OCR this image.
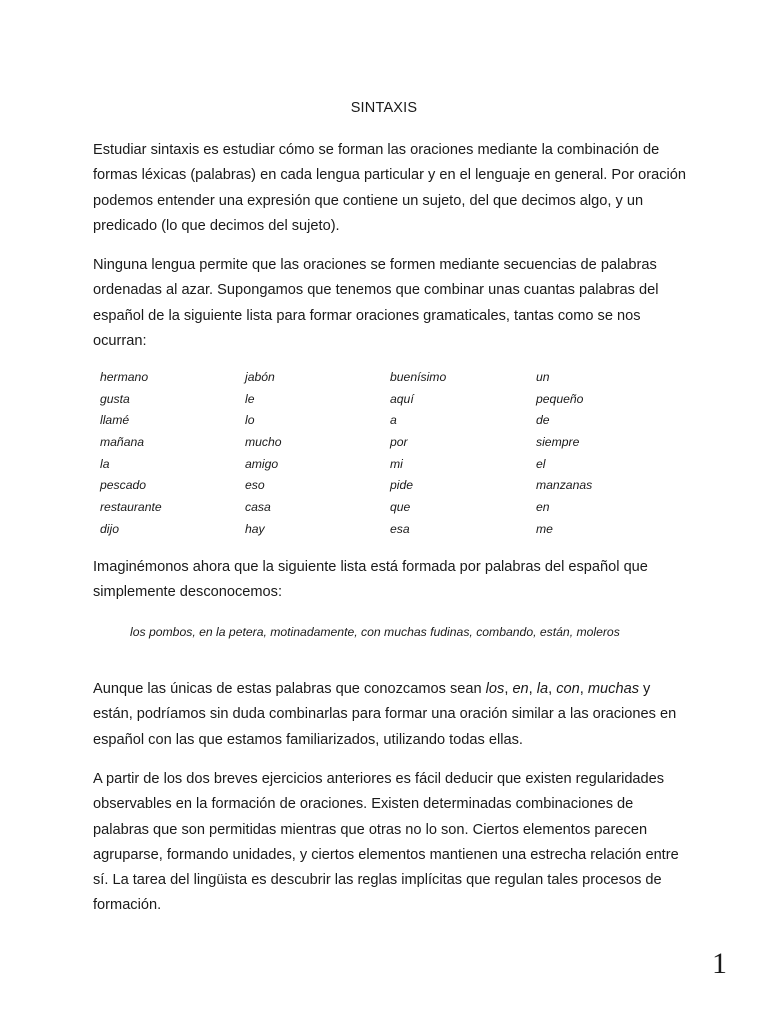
SINTAXIS

Estudiar sintaxis es estudiar cómo se forman las oraciones mediante la combinación de formas léxicas (palabras) en cada lengua particular y en el lenguaje en general. Por oración podemos entender una expresión que contiene un sujeto, del que decimos algo, y un predicado (lo que decimos del sujeto).

Ninguna lengua permite que las oraciones se formen mediante secuencias de palabras ordenadas al azar. Supongamos que tenemos que combinar unas cuantas palabras del español de la siguiente lista para formar oraciones gramaticales, tantas como se nos ocurran:

hermano	jabón	buenísimo	un
gusta	le	aquí	pequeño
llamé	lo	a	de
mañana	mucho	por	siempre
la	amigo	mi	el
pescado	eso	pide	manzanas
restaurante	casa	que	en
dijo	hay	esa	me

Imaginémonos ahora que la siguiente lista está formada por palabras del español que simplemente desconocemos:

los pombos, en la petera, motinadamente, con muchas fudinas, combando, están, moleros

Aunque las únicas de estas palabras que conozcamos sean los, en, la, con, muchas y están, podríamos sin duda combinarlas para formar una oración similar a las oraciones en español con las que estamos familiarizados, utilizando todas ellas.

A partir de los dos breves ejercicios anteriores es fácil deducir que existen regularidades observables en la formación de oraciones. Existen determinadas combinaciones de palabras que son permitidas mientras que otras no lo son. Ciertos elementos parecen agruparse, formando unidades, y ciertos elementos mantienen una estrecha relación entre sí. La tarea del lingüista es descubrir las reglas implícitas que regulan tales procesos de formación.

1
